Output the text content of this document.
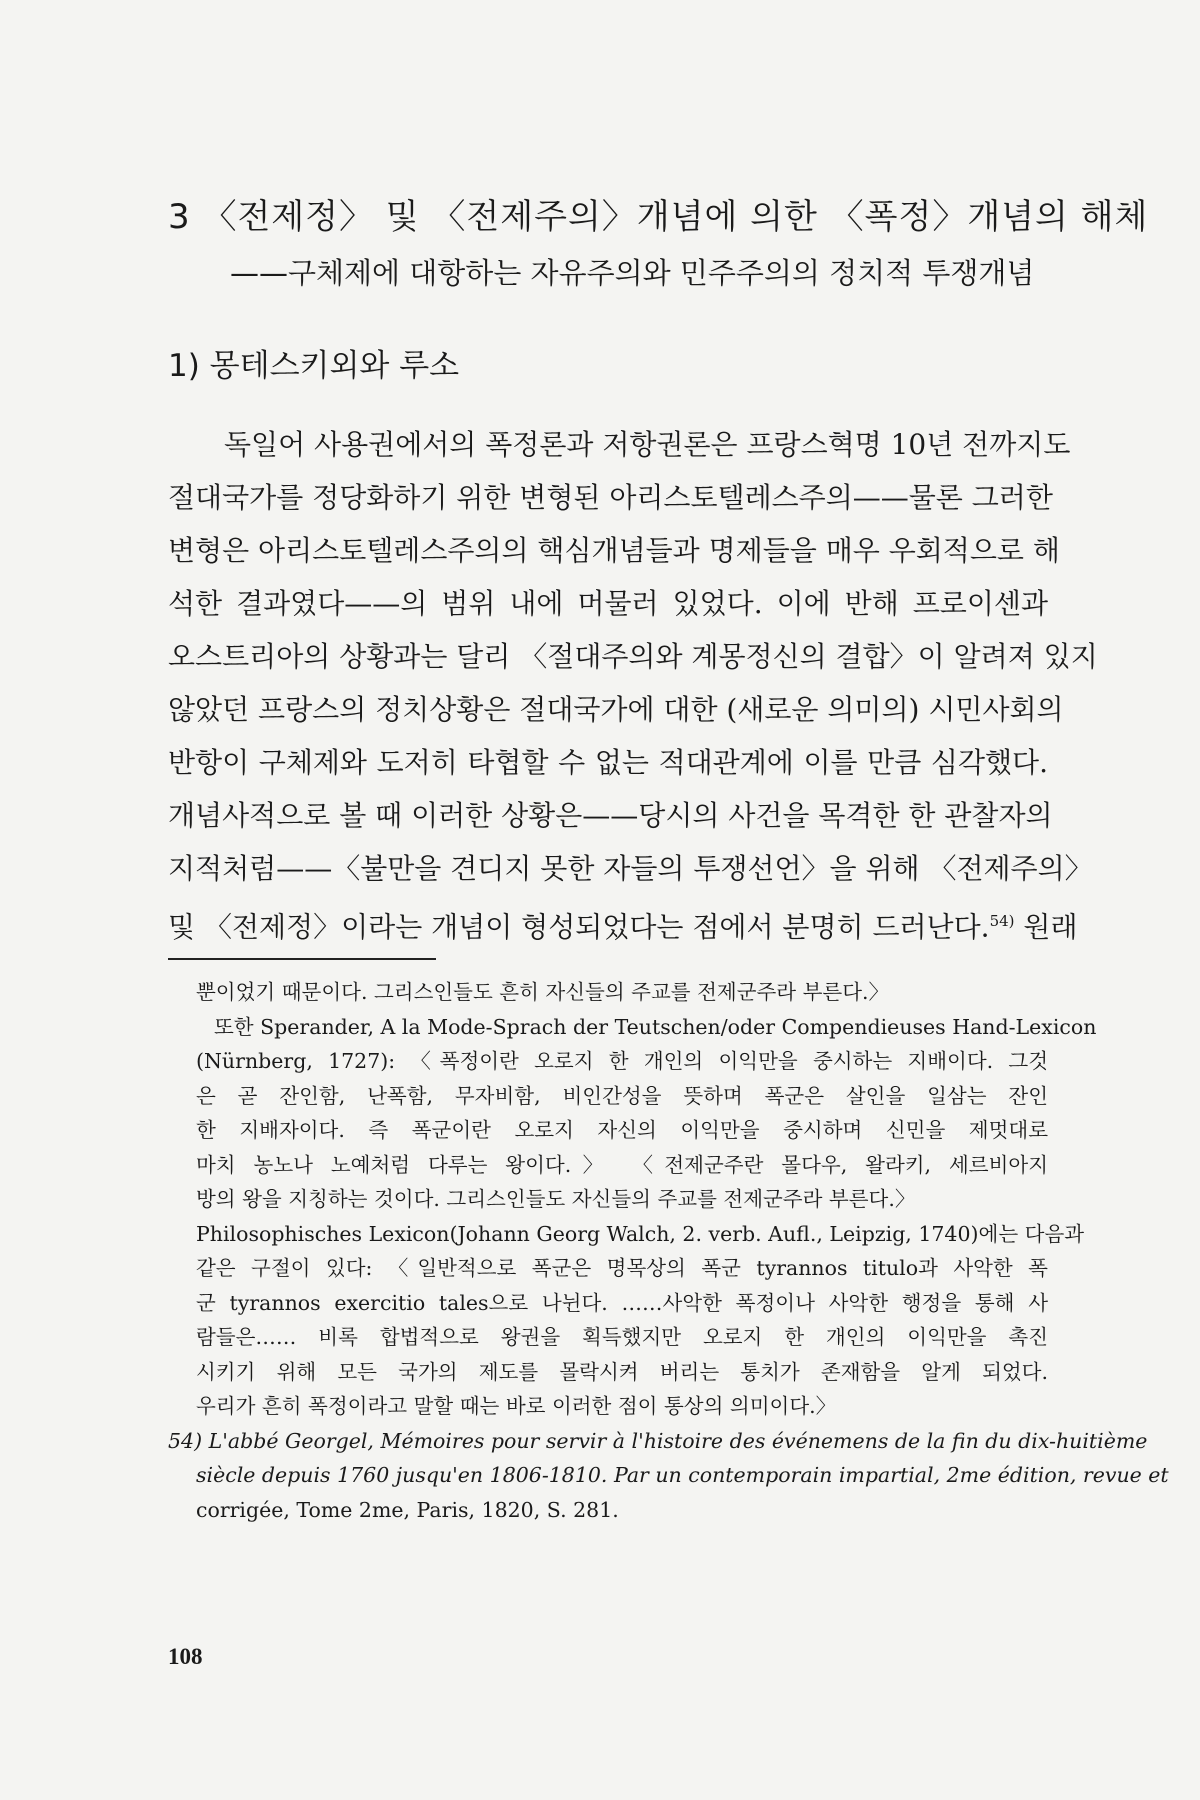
3 〈전제정〉 및 〈전제주의〉개념에 의한 〈폭정〉개념의 해체
——구체제에 대항하는 자유주의와 민주주의의 정치적 투쟁개념
1) 몽테스키외와 루소

독일어 사용권에서의 폭정론과 저항권론은 프랑스혁명 10년 전까지도

절대국가를 정당화하기 위한 변형된 아리스토텔레스주의——물론 그러한

변형은 아리스토텔레스주의의 핵심개념들과 명제들을 매우 우회적으로 해

석한 결과였다——의 범위 내에 머물러 있었다. 이에 반해 프로이센과

오스트리아의 상황과는 달리 〈절대주의와 계몽정신의 결합〉이 알려져 있지

않았던 프랑스의 정치상황은 절대국가에 대한 (새로운 의미의) 시민사회의

반항이 구체제와 도저히 타협할 수 없는 적대관계에 이를 만큼 심각했다.

개념사적으로 볼 때 이러한 상황은——당시의 사건을 목격한 한 관찰자의

지적처럼——〈불만을 견디지 못한 자들의 투쟁선언〉을 위해 〈전제주의〉

및 〈전제정〉이라는 개념이 형성되었다는 점에서 분명히 드러난다.$^{54)}$ 원래

뿐이었기 때문이다. 그리스인들도 흔히 자신들의 주교를 전제군주라 부른다.〉

또한 Sperander, A la Mode-Sprach der Teutschen/oder Compendieuses Hand-Lexicon

(Nürnberg, 1727): 〈폭정이란 오로지 한 개인의 이익만을 중시하는 지배이다. 그것

은 곧 잔인함, 난폭함, 무자비함, 비인간성을 뜻하며 폭군은 살인을 일삼는 잔인

한 지배자이다. 즉 폭군이란 오로지 자신의 이익만을 중시하며 신민을 제멋대로

마치 농노나 노예처럼 다루는 왕이다.〉 〈전제군주란 몰다우, 왈라키, 세르비아지

방의 왕을 지칭하는 것이다. 그리스인들도 자신들의 주교를 전제군주라 부른다.〉

Philosophisches Lexicon(Johann Georg Walch, 2. verb. Aufl., Leipzig, 1740)에는 다음과

같은 구절이 있다: 〈일반적으로 폭군은 명목상의 폭군 tyrannos titulo과 사악한 폭

군 tyrannos exercitio tales으로 나뉜다. ……사악한 폭정이나 사악한 행정을 통해 사

람들은…… 비록 합법적으로 왕권을 획득했지만 오로지 한 개인의 이익만을 촉진

시키기 위해 모든 국가의 제도를 몰락시켜 버리는 통치가 존재함을 알게 되었다.

우리가 흔히 폭정이라고 말할 때는 바로 이러한 점이 통상의 의미이다.〉

54) L'abbé Georgel, Mémoires pour servir à l'histoire des événemens de la fin du dix-huitième

siècle depuis 1760 jusqu'en 1806-1810. Par un contemporain impartial, 2me édition, revue et

corrigée, Tome 2me, Paris, 1820, S. 281.

108
